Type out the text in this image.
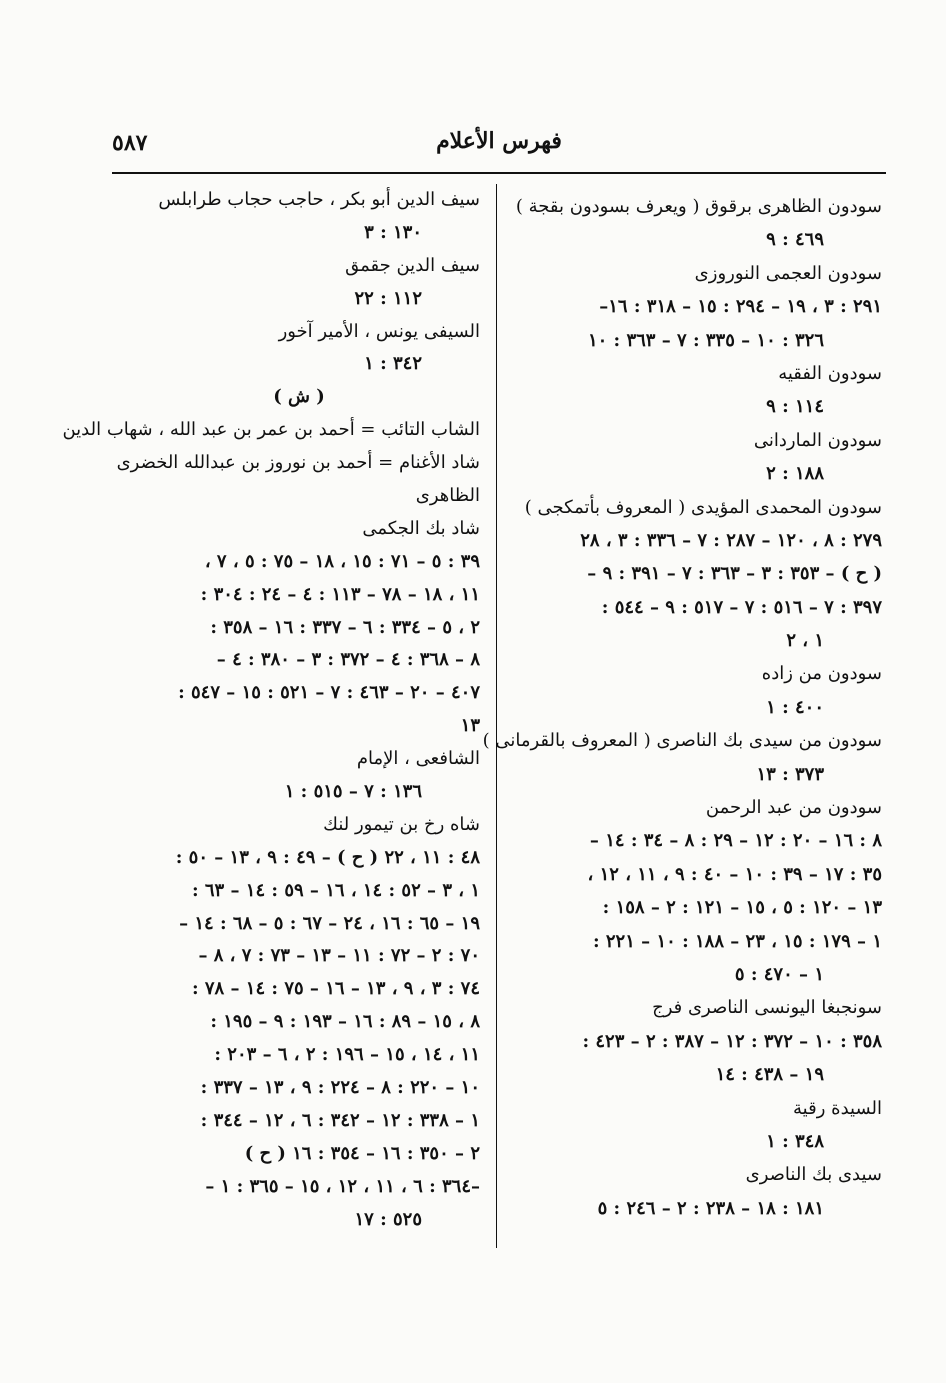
فهرس الأعلام
٥٨٧
سودون الظاهرى برقوق ( ويعرف بسودون بقجة )
٤٦٩ : ٩
سودون العجمى النوروزى
٢٩١ : ٣ ، ١٩ – ٢٩٤ : ١٥ – ٣١٨ : ١٦–
٣٢٦ : ١٠ – ٣٣٥ : ٧ – ٣٦٣ : ١٠
سودون الفقيه
١١٤ : ٩
سودون الماردانى
١٨٨ : ٢
سودون المحمدى المؤيدى ( المعروف بأتمكجى )
٢٧٩ : ٨ ، ١٢٠ – ٢٨٧ : ٧ – ٣٣٦ : ٣ ، ٢٨
( ح ) – ٣٥٣ : ٣ – ٣٦٣ : ٧ – ٣٩١ : ٩ –
٣٩٧ : ٧ – ٥١٦ : ٧ – ٥١٧ : ٩ – ٥٤٤ :
١ ، ٢
سودون من زاده
٤٠٠ : ١
سودون من سيدى بك الناصرى ( المعروف بالقرمانى )
٣٧٣ : ١٣
سودون من عبد الرحمن
٨ : ١٦ – ٢٠ : ١٢ – ٢٩ : ٨ – ٣٤ : ١٤ –
٣٥ : ١٧ – ٣٩ : ١٠ – ٤٠ : ٩ ، ١١ ، ١٢ ،
١٣ – ١٢٠ : ٥ ، ١٥ – ١٢١ : ٢ – ١٥٨ :
١ – ١٧٩ : ١٥ ، ٢٣ – ١٨٨ : ١٠ – ٢٢١ :
١ – ٤٧٠ : ٥
سونجبغا اليونسى الناصرى فرج
٣٥٨ : ١٠ – ٣٧٢ : ١٢ – ٣٨٧ : ٢ – ٤٢٣ :
١٩ – ٤٣٨ : ١٤
السيدة رقية
٣٤٨ : ١
سيدى بك الناصرى
١٨١ : ١٨ – ٢٣٨ : ٢ – ٢٤٦ : ٥
سيف الدين أبو بكر ، حاجب حجاب طرابلس
١٣٠ : ٣
سيف الدين جقمق
١١٢ : ٢٢
السيفى يونس ، الأمير آخور
٣٤٢ : ١
( ش )
الشاب التائب = أحمد بن عمر بن عبد الله ، شهاب الدين
شاد الأغنام = أحمد بن نوروز بن عبدالله الخضرى
الظاهرى
شاد بك الجكمى
٣٩ : ٥ – ٧١ : ١٥ ، ١٨ – ٧٥ : ٥ ، ٧ ،
١١ ، ١٨ – ٧٨ – ١١٣ : ٤ – ٢٤ : ٣٠٤ :
٢ ، ٥ – ٣٣٤ : ٦ – ٣٣٧ : ١٦ – ٣٥٨ :
٨ – ٣٦٨ : ٤ – ٣٧٢ : ٣ – ٣٨٠ : ٤ –
٤٠٧ – ٢٠ – ٤٦٣ : ٧ – ٥٢١ : ١٥ – ٥٤٧ :
١٣
الشافعى ، الإمام
١٣٦ : ٧ – ٥١٥ : ١
شاه رخ بن تيمور لنك
٤٨ : ١١ ، ٢٢ ( ح ) – ٤٩ : ٩ ، ١٣ – ٥٠ :
١ ، ٣ – ٥٢ : ١٤ ، ١٦ – ٥٩ : ١٤ – ٦٣ :
١٩ – ٦٥ : ١٦ ، ٢٤ – ٦٧ : ٥ – ٦٨ : ١٤ –
٧٠ : ٢ – ٧٢ : ١١ – ١٣ – ٧٣ : ٧ ، ٨ –
٧٤ : ٣ ، ٩ ، ١٣ – ١٦ – ٧٥ : ١٤ – ٧٨ :
٨ ، ١٥ – ٨٩ : ١٦ – ١٩٣ : ٩ – ١٩٥ :
١١ ، ١٤ ، ١٥ – ١٩٦ : ٢ ، ٦ – ٢٠٣ :
١٠ – ٢٢٠ : ٨ – ٢٢٤ : ٩ ، ١٣ – ٣٣٧ :
١ – ٣٣٨ : ١٢ – ٣٤٢ : ٦ ، ١٢ – ٣٤٤ :
٢ – ٣٥٠ : ١٦ – ٣٥٤ : ١٦ ( ح )
–٣٦٤ : ٦ ، ١١ ، ١٢ ، ١٥ – ٣٦٥ : ١ –
٥٢٥ : ١٧
